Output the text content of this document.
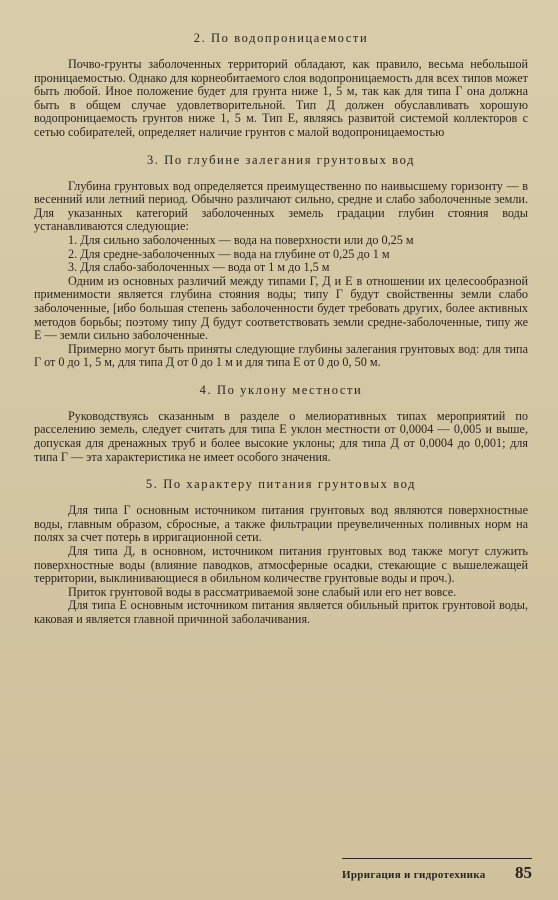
2. По водопроницаемости

Почво-грунты заболоченных территорий обладают, как правило, весьма небольшой проницаемостью. Однако для корнеобитаемого слоя водопроницаемость для всех типов может быть любой. Иное положение будет для грунта ниже 1, 5 м, так как для типа Г она должна быть в общем случае удовлетворительной. Тип Д должен обуславливать хорошую водопроницаемость грунтов ниже 1, 5 м. Тип Е, являясь развитой системой коллекторов с сетью собирателей, определяет наличие грунтов с малой водопроницаемостью

3. По глубине залегания грунтовых вод

Глубина грунтовых вод определяется преимущественно по наивысшему горизонту — в весенний или летний период. Обычно различают сильно, средне и слабо заболоченные земли. Для указанных категорий заболоченных земель градации глубин стояния воды устанавливаются следующие:

1. Для сильно заболоченных — вода на поверхности или до 0,25 м

2. Для средне-заболоченных — вода на глубине от 0,25 до 1 м

3. Для слабо-заболоченных — вода от 1 м до 1,5 м

Одним из основных различий между типами Г, Д и Е в отношении их целесообразной применимости является глубина стояния воды; типу Г будут свойственны земли слабо заболоченные, [ибо большая степень заболоченности будет требовать других, более активных методов борьбы; поэтому типу Д будут соответствовать земли средне-заболоченные, типу же Е — земли сильно заболоченные.

Примерно могут быть приняты следующие глубины залегания грунтовых вод: для типа Г от 0 до 1, 5 м, для типа Д от 0 до 1 м и для типа Е от 0 до 0, 50 м.

4. По уклону местности

Руководствуясь сказанным в разделе о мелиоративных типах мероприятий по расселению земель, следует считать для типа Е уклон местности от 0,0004 — 0,005 и выше, допуская для дренажных труб и более высокие уклоны; для типа Д от 0,0004 до 0,001; для типа Г — эта характеристика не имеет особого значения.

5. По характеру питания грунтовых вод

Для типа Г основным источником питания грунтовых вод являются поверхностные воды, главным образом, сбросные, а также фильтрации преувеличенных поливных норм на полях за счет потерь в ирригационной сети.

Для типа Д, в основном, источником питания грунтовых вод также могут служить поверхностные воды (влияние паводков, атмосферные осадки, стекающие с вышележащей территории, выклинивающиеся в обильном количестве грунтовые воды и проч.).

Приток грунтовой воды в рассматриваемой зоне слабый или его нет вовсе.

Для типа Е основным источником питания является обильный приток грунтовой воды, каковая и является главной причиной заболачивания.

Ирригация и гидротехника 85
